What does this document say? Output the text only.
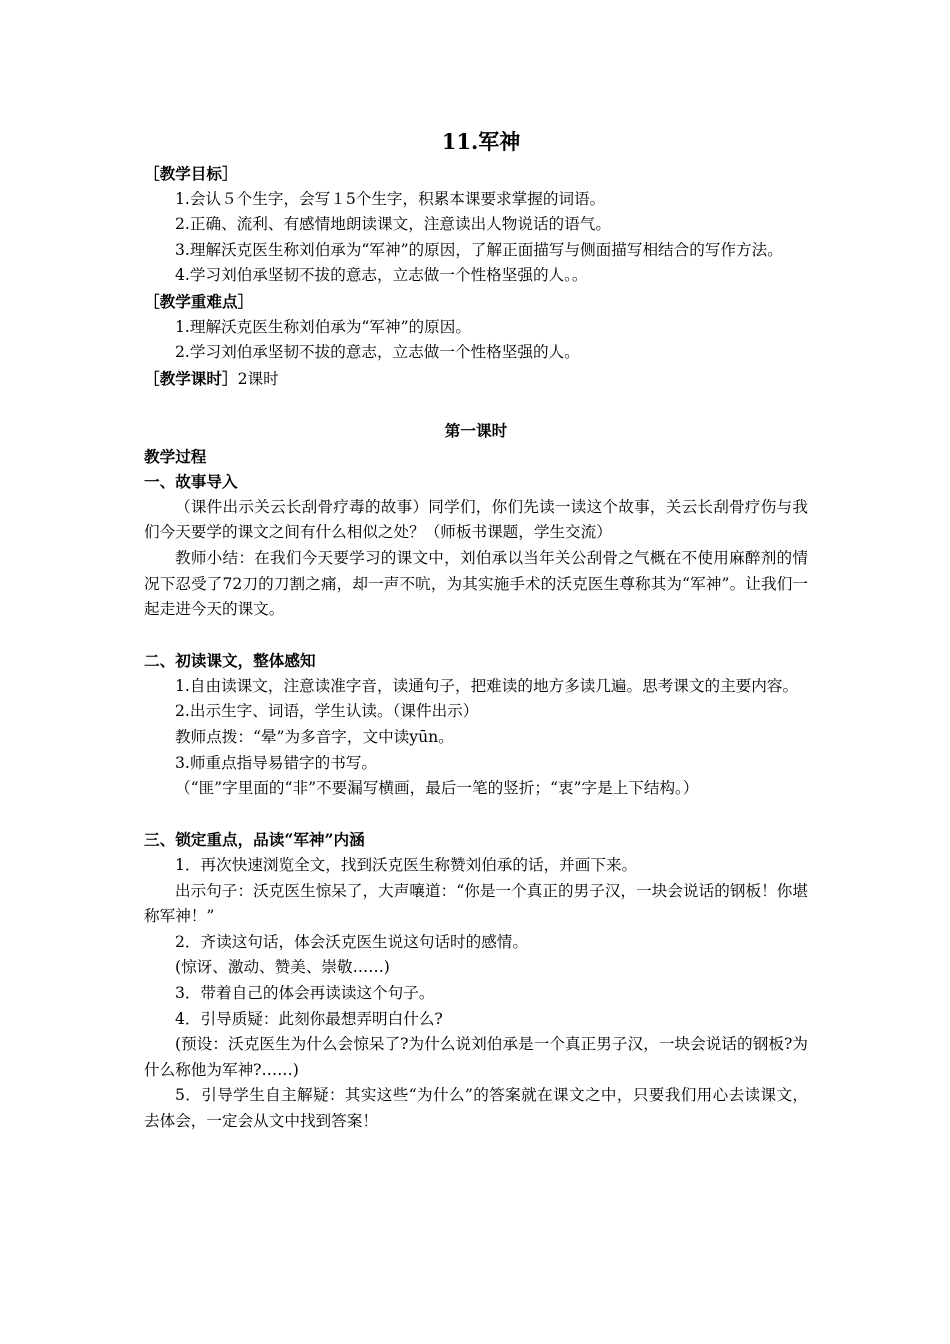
11.军神
［教学目标］
1.会认５个生字，会写１5个生字，积累本课要求掌握的词语。
2.正确、流利、有感情地朗读课文，注意读出人物说话的语气。
3.理解沃克医生称刘伯承为“军神”的原因，了解正面描写与侧面描写相结合的写作方法。
4.学习刘伯承坚韧不拔的意志，立志做一个性格坚强的人。。
［教学重难点］
1.理解沃克医生称刘伯承为“军神”的原因。
2.学习刘伯承坚韧不拔的意志，立志做一个性格坚强的人。
［教学课时］2课时
第一课时
教学过程
一、故事导入
（课件出示关云长刮骨疗毒的故事）同学们，你们先读一读这个故事，关云长刮骨疗伤与我们今天要学的课文之间有什么相似之处？（师板书课题，学生交流）
教师小结：在我们今天要学习的课文中，刘伯承以当年关公刮骨之气概在不使用麻醉剂的情况下忍受了72刀的刀割之痛，却一声不吭，为其实施手术的沃克医生尊称其为“军神”。让我们一起走进今天的课文。
二、初读课文，整体感知
1.自由读课文，注意读准字音，读通句子，把难读的地方多读几遍。思考课文的主要内容。
2.出示生字、词语，学生认读。（课件出示）
教师点拨：“晕”为多音字，文中读yūn。
3.师重点指导易错字的书写。
（“匪”字里面的“非”不要漏写横画，最后一笔的竖折；“衷”字是上下结构。）
三、锁定重点，品读“军神”内涵
1．再次快速浏览全文，找到沃克医生称赞刘伯承的话，并画下来。
出示句子：沃克医生惊呆了，大声嚷道：“你是一个真正的男子汉，一块会说话的钢板！你堪称军神！”
2．齐读这句话，体会沃克医生说这句话时的感情。
(惊讶、激动、赞美、崇敬……)
3．带着自己的体会再读读这个句子。
4．引导质疑：此刻你最想弄明白什么?
(预设：沃克医生为什么会惊呆了?为什么说刘伯承是一个真正男子汉，一块会说话的钢板?为什么称他为军神?……)
5．引导学生自主解疑：其实这些“为什么”的答案就在课文之中，只要我们用心去读课文，去体会，一定会从文中找到答案！
